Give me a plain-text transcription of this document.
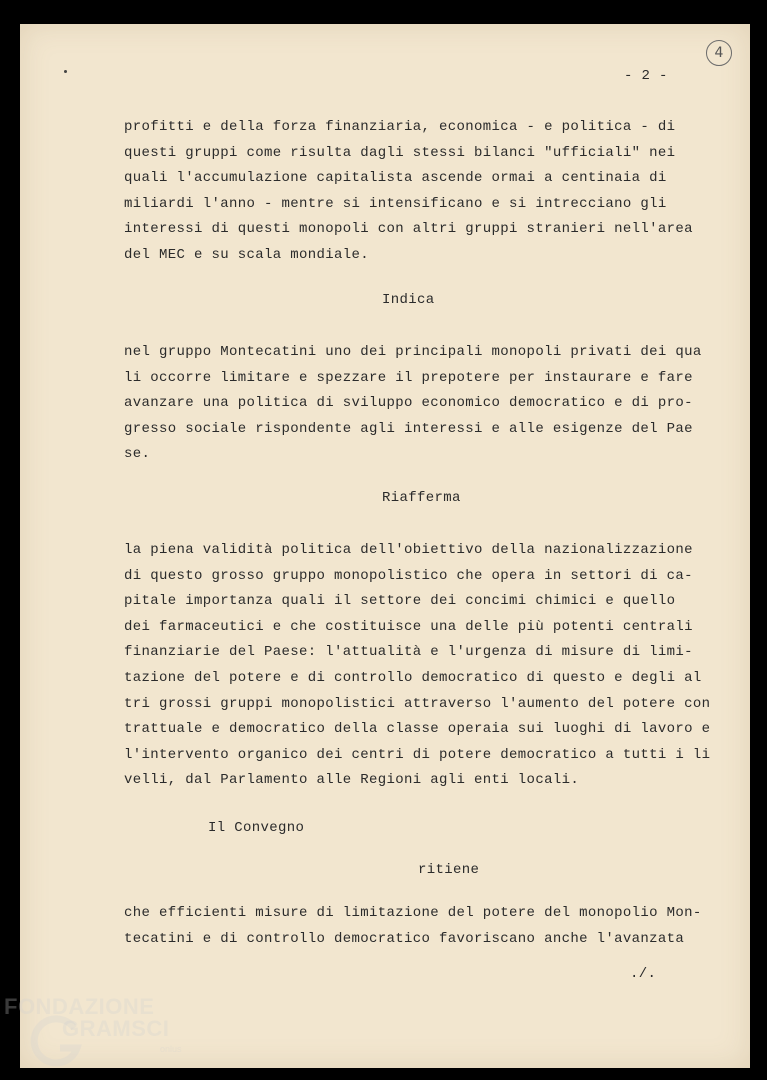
4
- 2 -
profitti e della forza finanziaria, economica - e politica - di
questi gruppi come risulta dagli stessi bilanci "ufficiali" nei
quali l'accumulazione capitalista ascende ormai a centinaia di
miliardi l'anno - mentre si intensificano e si intrecciano gli
interessi di questi monopoli con altri gruppi stranieri nell'area
del MEC e su scala mondiale.
Indica
nel gruppo Montecatini uno dei principali monopoli privati dei qua
li occorre limitare e spezzare il prepotere per instaurare e fare
avanzare una politica di sviluppo economico democratico e di pro-
gresso sociale rispondente agli interessi e alle esigenze del Pae
se.
Riafferma
la piena validità politica dell'obiettivo della nazionalizzazione
di questo grosso gruppo monopolistico che opera in settori di ca-
pitale importanza quali il settore dei concimi chimici e quello
dei farmaceutici e che costituisce una delle più potenti centrali
finanziarie del Paese: l'attualità e l'urgenza di misure di limi-
tazione del potere e di controllo democratico di questo e degli al
tri grossi gruppi monopolistici attraverso l'aumento del potere con
trattuale e democratico della classe operaia sui luoghi di lavoro e
l'intervento organico dei centri di potere democratico a tutti i li
velli, dal Parlamento alle Regioni agli enti locali.
Il Convegno
ritiene
che efficienti misure di limitazione del potere del monopolio Mon-
tecatini e di controllo democratico favoriscano anche l'avanzata
./.
FONDAZIONE
GRAMSCI
onlus
